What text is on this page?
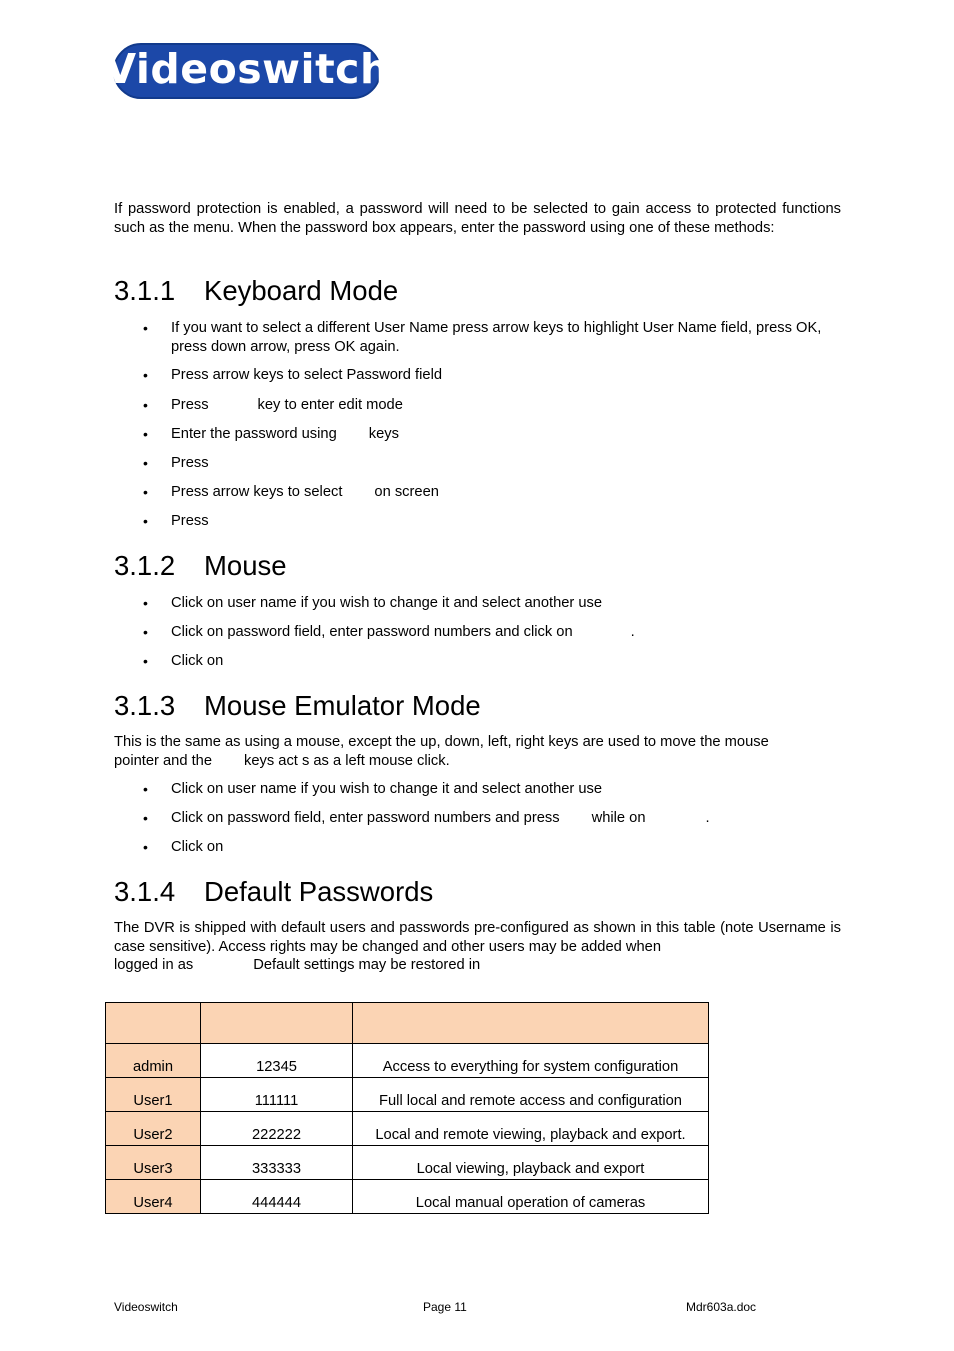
Videoswitch

If password protection is enabled, a password will need to be selected to gain access to protected functions such as the menu. When the password box appears, enter the password using one of these methods:

3.1.1 Keyboard Mode
• If you want to select a different User Name press arrow keys to highlight User Name field, press OK, press down arrow, press OK again.
• Press arrow keys to select Password field
• Press	key to enter edit mode
• Enter the password using keys
• Press
• Press arrow keys to select on screen
• Press
3.1.2 Mouse
• Click on user name if you wish to change it and select another use
• Click on password field, enter password numbers and click on	.
• Click on
3.1.3 Mouse Emulator Mode

This is the same as using a mouse, except the up, down, left, right keys are used to move the mouse
pointer and the keys act s as a left mouse click.

• Click on user name if you wish to change it and select another use
• Click on password field, enter password numbers and press while on	.
• Click on
3.1.4 Default Passwords

The DVR is shipped with default users and passwords pre-configured as shown in this table (note Username is case sensitive). Access rights may be changed and other users may be added when
logged in as	Default settings may be restored in

admin	12345	Access to everything for system configuration

User1	111111	Full local and remote access and configuration

User2	222222	Local and remote viewing, playback and export.

User3	333333	Local viewing, playback and export

User4	444444	Local manual operation of cameras
Videoswitch	Page 11	Mdr603a.doc
